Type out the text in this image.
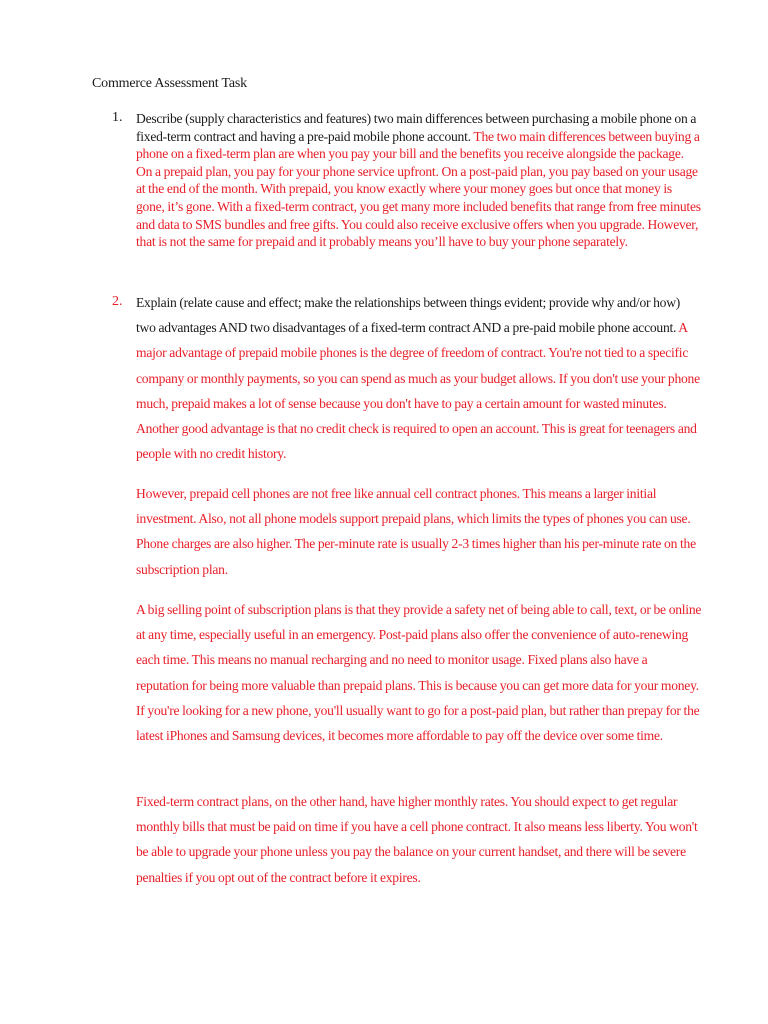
Commerce Assessment Task
1. Describe (supply characteristics and features) two main differences between purchasing a mobile phone on a fixed-term contract and having a pre-paid mobile phone account. The two main differences between buying a phone on a fixed-term plan are when you pay your bill and the benefits you receive alongside the package. On a prepaid plan, you pay for your phone service upfront. On a post-paid plan, you pay based on your usage at the end of the month. With prepaid, you know exactly where your money goes but once that money is gone, it’s gone. With a fixed-term contract, you get many more included benefits that range from free minutes and data to SMS bundles and free gifts. You could also receive exclusive offers when you upgrade. However, that is not the same for prepaid and it probably means you’ll have to buy your phone separately.
2. Explain (relate cause and effect; make the relationships between things evident; provide why and/or how) two advantages AND two disadvantages of a fixed-term contract AND a pre-paid mobile phone account. A major advantage of prepaid mobile phones is the degree of freedom of contract. You're not tied to a specific company or monthly payments, so you can spend as much as your budget allows. If you don't use your phone much, prepaid makes a lot of sense because you don't have to pay a certain amount for wasted minutes. Another good advantage is that no credit check is required to open an account. This is great for teenagers and people with no credit history.
However, prepaid cell phones are not free like annual cell contract phones. This means a larger initial investment. Also, not all phone models support prepaid plans, which limits the types of phones you can use. Phone charges are also higher. The per-minute rate is usually 2-3 times higher than his per-minute rate on the subscription plan.
A big selling point of subscription plans is that they provide a safety net of being able to call, text, or be online at any time, especially useful in an emergency. Post-paid plans also offer the convenience of auto-renewing each time. This means no manual recharging and no need to monitor usage. Fixed plans also have a reputation for being more valuable than prepaid plans. This is because you can get more data for your money. If you're looking for a new phone, you'll usually want to go for a post-paid plan, but rather than prepay for the latest iPhones and Samsung devices, it becomes more affordable to pay off the device over some time.
Fixed-term contract plans, on the other hand, have higher monthly rates. You should expect to get regular monthly bills that must be paid on time if you have a cell phone contract. It also means less liberty. You won't be able to upgrade your phone unless you pay the balance on your current handset, and there will be severe penalties if you opt out of the contract before it expires.
